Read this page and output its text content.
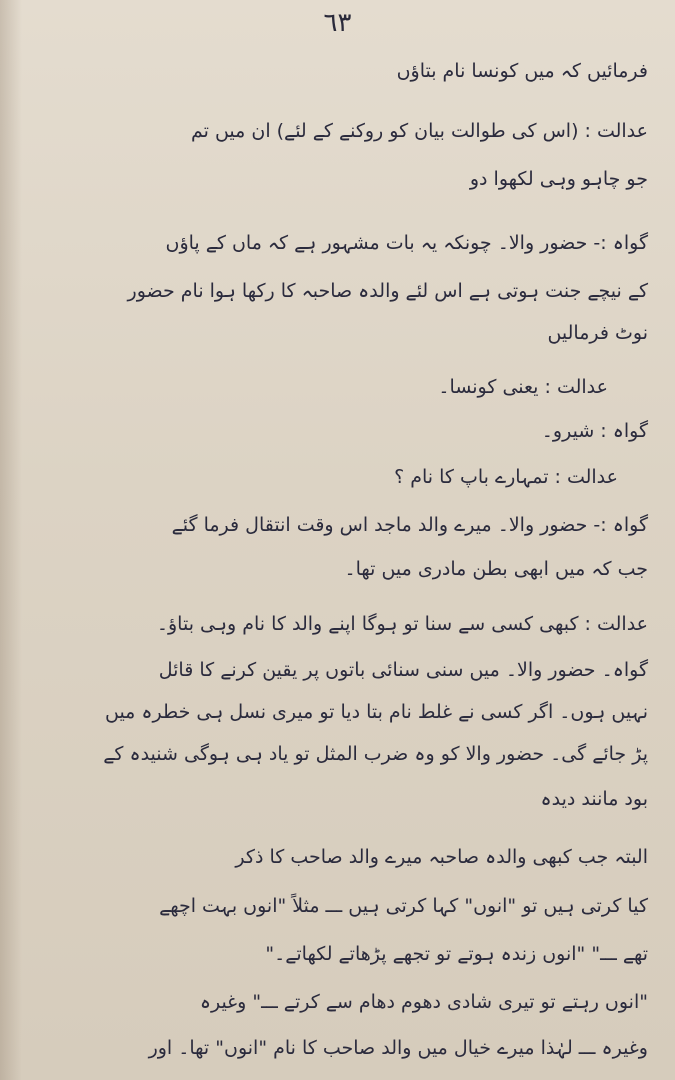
٦٣
فرمائیں کہ میں کونسا نام بتاؤں
عدالت : (اس کی طوالت بیان کو روکنے کے لئے) ان میں تم
جو چاہو وہی لکھوا دو
گواہ :- حضور والا۔ چونکہ یہ بات مشہور ہے کہ ماں کے پاؤں
کے نیچے جنت ہوتی ہے اس لئے والدہ صاحبہ کا رکھا ہوا نام حضور
نوٹ فرمالیں
عدالت : یعنی کونسا۔
گواہ : شیرو۔
عدالت : تمہارے باپ کا نام ؟
گواہ :- حضور والا۔ میرے والد ماجد اس وقت انتقال فرما گئے
جب کہ میں ابھی بطن مادری میں تھا۔
عدالت : کبھی کسی سے سنا تو ہوگا اپنے والد کا نام وہی بتاؤ۔
گواہ۔ حضور والا۔ میں سنی سنائی باتوں پر یقین کرنے کا قائل
نہیں ہوں۔ اگر کسی نے غلط نام بتا دیا تو میری نسل ہی خطرہ میں
پڑ جائے گی۔ حضور والا کو وہ ضرب المثل تو یاد ہی ہوگی شنیدہ کے
بود مانند دیدہ
البتہ جب کبھی والدہ صاحبہ میرے والد صاحب کا ذکر
کیا کرتی ہیں تو "انوں" کہا کرتی ہیں ـــ مثلاً "انوں بہت اچھے
تھے ـــ" "انوں زندہ ہوتے تو تجھے پڑھاتے لکھاتے۔"
"انوں رہتے تو تیری شادی دھوم دھام سے کرتے ـــ" وغیرہ
وغیرہ ـــ لہٰذا میرے خیال میں والد صاحب کا نام "انوں" تھا۔ اور
